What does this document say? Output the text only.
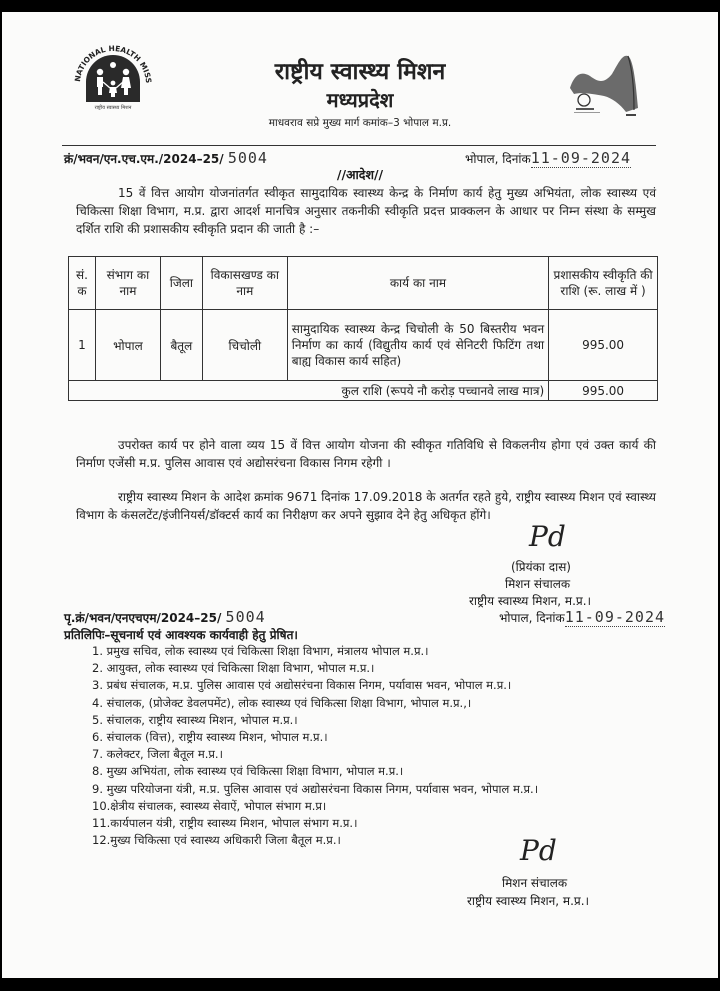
NATIONAL HEALTH MISS
राष्ट्रीय स्वास्थ्य मिशन
राष्ट्रीय स्वास्थ्य मिशन
मध्यप्रदेश
माधवराव सप्रे मुख्य मार्ग कमांक–3 भोपाल म.प्र.
क्रं/भवन/एन.एच.एम./2024–25/ 5004	भोपाल, दिनांक11-09-2024
//आदेश//
15 वें वित्त आयोग योजनांतर्गत स्वीकृत सामुदायिक स्वास्थ्य केन्द्र के निर्माण कार्य हेतु मुख्य अभियंता, लोक स्वास्थ्य एवं चिकित्सा शिक्षा विभाग, म.प्र. द्वारा आदर्श मानचित्र अनुसार तकनीकी स्वीकृति प्रदत्त प्राक्कलन के आधार पर निम्न संस्था के सम्मुख दर्शित राशि की प्रशासकीय स्वीकृति प्रदान की जाती है :–
सं. क	संभाग का नाम	जिला	विकासखण्ड का नाम	कार्य का नाम	प्रशासकीय स्वीकृति की राशि (रू. लाख में )
1	भोपाल	बैतूल	चिचोली	सामुदायिक स्वास्थ्य केन्द्र चिचोली के 50 बिस्तरीय भवन निर्माण का कार्य (विद्युतीय कार्य एवं सेनिटरी फिटिंग तथा बाह्य विकास कार्य सहित)	995.00
कुल राशि (रूपये नौ करोड़ पच्चानवे लाख मात्र)					995.00
उपरोक्त कार्य पर होने वाला व्यय 15 वें वित्त आयोग योजना की स्वीकृत गतिविधि से विकलनीय होगा एवं उक्त कार्य की निर्माण एजेंसी म.प्र. पुलिस आवास एवं अद्योसरंचना विकास निगम रहेगी ।
राष्ट्रीय स्वास्थ्य मिशन के आदेश क्रमांक 9671 दिनांक 17.09.2018 के अतर्गत रहते हुये, राष्ट्रीय स्वास्थ्य मिशन एवं स्वास्थ्य विभाग के कंसलटेंट/इंजीनियर्स/डॉक्टर्स कार्य का निरीक्षण कर अपने सुझाव देने हेतु अधिकृत होंगे।
Pd
(प्रियंका दास)
मिशन संचालक
राष्ट्रीय स्वास्थ्य मिशन, म.प्र.।
भोपाल, दिनांक11-09-2024
पृ.क्रं/भवन/एनएचएम/2024–25/ 5004
प्रतिलिपिः–सूचनार्थ एवं आवश्यक कार्यवाही हेतु प्रेषित।
1. प्रमुख सचिव, लोक स्वास्थ्य एवं चिकित्सा शिक्षा विभाग, मंत्रालय भोपाल म.प्र.।
2. आयुक्त, लोक स्वास्थ्य एवं चिकित्सा शिक्षा विभाग, भोपाल म.प्र.।
3. प्रबंध संचालक, म.प्र. पुलिस आवास एवं अद्योसरंचना विकास निगम, पर्यावास भवन, भोपाल म.प्र.।
4. संचालक, (प्रोजेक्ट डेवलपमेंट), लोक स्वास्थ्य एवं चिकित्सा शिक्षा विभाग, भोपाल म.प्र.,।
5. संचालक, राष्ट्रीय स्वास्थ्य मिशन, भोपाल म.प्र.।
6. संचालक (वित्त), राष्ट्रीय स्वास्थ्य मिशन, भोपाल म.प्र.।
7. कलेक्टर, जिला बैतूल म.प्र.।
8. मुख्य अभियंता, लोक स्वास्थ्य एवं चिकित्सा शिक्षा विभाग, भोपाल म.प्र.।
9. मुख्य परियोजना यंत्री, म.प्र. पुलिस आवास एवं अद्योसरंचना विकास निगम, पर्यावास भवन, भोपाल म.प्र.।
10.क्षेत्रीय संचालक, स्वास्थ्य सेवाऐं, भोपाल संभाग म.प्र।
11.कार्यपालन यंत्री, राष्ट्रीय स्वास्थ्य मिशन, भोपाल संभाग म.प्र.।
12.मुख्य चिकित्सा एवं स्वास्थ्य अधिकारी जिला बैतूल म.प्र.।	Pd
मिशन संचालक
राष्ट्रीय स्वास्थ्य मिशन, म.प्र.।
